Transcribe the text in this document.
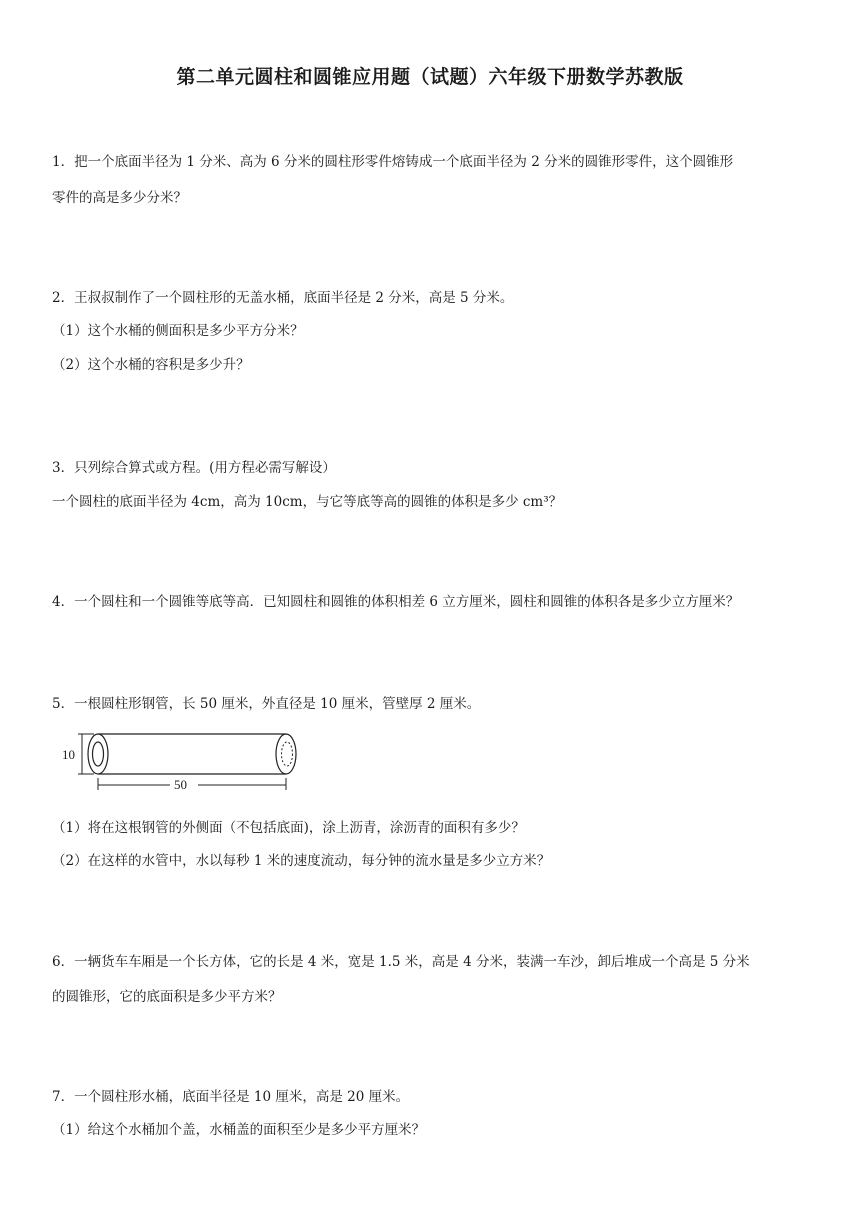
第二单元圆柱和圆锥应用题（试题）六年级下册数学苏教版
1．把一个底面半径为 1 分米、高为 6 分米的圆柱形零件熔铸成一个底面半径为 2 分米的圆锥形零件，这个圆锥形
零件的高是多少分米？
2．王叔叔制作了一个圆柱形的无盖水桶，底面半径是 2 分米，高是 5 分米。
（1）这个水桶的侧面积是多少平方分米？
（2）这个水桶的容积是多少升？
3．只列综合算式或方程。(用方程必需写解设）
一个圆柱的底面半径为 4cm，高为 10cm，与它等底等高的圆锥的体积是多少 cm³？
4．一个圆柱和一个圆锥等底等高．已知圆柱和圆锥的体积相差 6 立方厘米，圆柱和圆锥的体积各是多少立方厘米？
5．一根圆柱形钢管，长 50 厘米，外直径是 10 厘米，管壁厚 2 厘米。
10
50
（1）将在这根钢管的外侧面（不包括底面)，涂上沥青，涂沥青的面积有多少？
（2）在这样的水管中，水以每秒 1 米的速度流动，每分钟的流水量是多少立方米？
6．一辆货车车厢是一个长方体，它的长是 4 米，宽是 1.5 米，高是 4 分米，装满一车沙，卸后堆成一个高是 5 分米
的圆锥形，它的底面积是多少平方米？
7．一个圆柱形水桶，底面半径是 10 厘米，高是 20 厘米。
（1）给这个水桶加个盖，水桶盖的面积至少是多少平方厘米？
